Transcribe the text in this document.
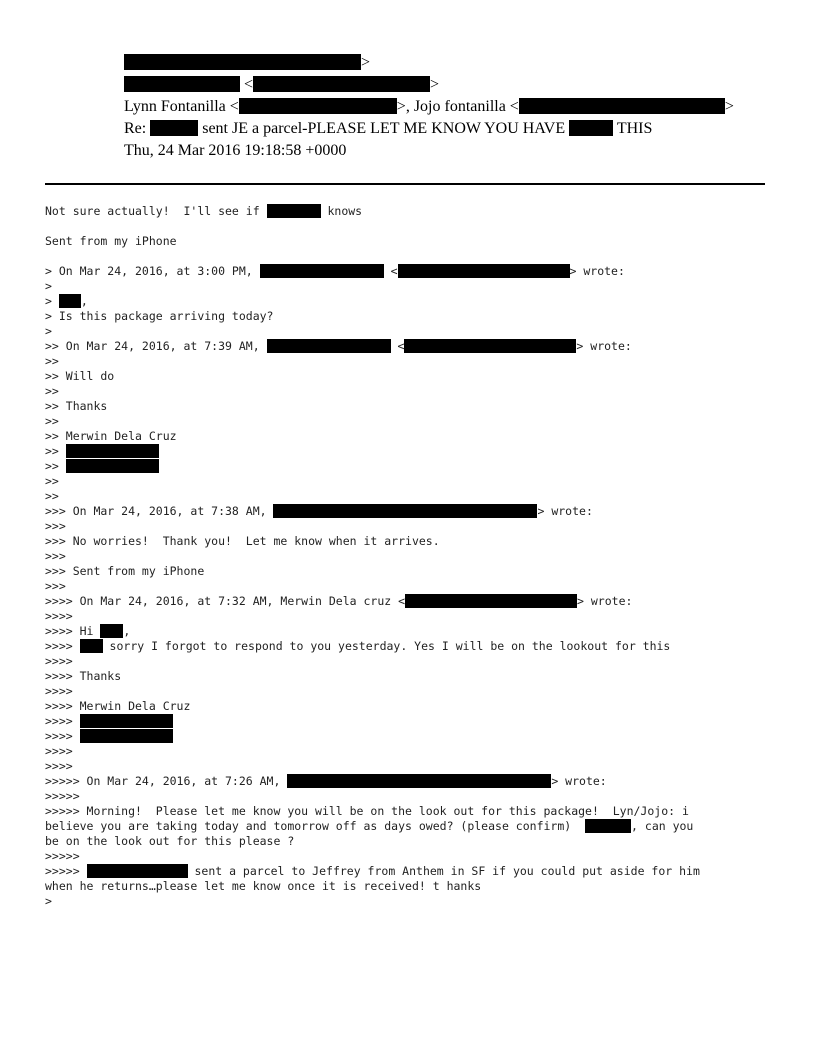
>
<	>
Lynn Fontanilla <	>, Jojo fontanilla <	>
Re:	sent JE a parcel-PLEASE LET ME KNOW YOU HAVE	THIS
Thu, 24 Mar 2016 19:18:58 +0000
Not sure actually!  I'll see if	knows
Sent from my iPhone
> On Mar 24, 2016, at 3:00 PM,	<	> wrote:
>
> ,
> Is this package arriving today?
>
>> On Mar 24, 2016, at 7:39 AM,	<	> wrote:
>>
>> Will do
>>
>> Thanks
>>
>> Merwin Dela Cruz
>>
>>
>>
>>
>>> On Mar 24, 2016, at 7:38 AM,	> wrote:
>>>
>>> No worries!  Thank you!  Let me know when it arrives.
>>>
>>> Sent from my iPhone
>>>
>>>> On Mar 24, 2016, at 7:32 AM, Merwin Dela cruz <	> wrote:
>>>>
>>>> Hi ,
>>>>  sorry I forgot to respond to you yesterday. Yes I will be on the lookout for this
>>>>
>>>> Thanks
>>>>
>>>> Merwin Dela Cruz
>>>>
>>>>
>>>>
>>>>
>>>>> On Mar 24, 2016, at 7:26 AM,	> wrote:
>>>>>
>>>>> Morning!  Please let me know you will be on the look out for this package!  Lyn/Jojo: i
believe you are taking today and tomorrow off as days owed? (please confirm)	, can you
be on the look out for this please ?
>>>>>
>>>>>	sent a parcel to Jeffrey from Anthem in SF if you could put aside for him
when he returns…please let me know once it is received! t hanks
>
